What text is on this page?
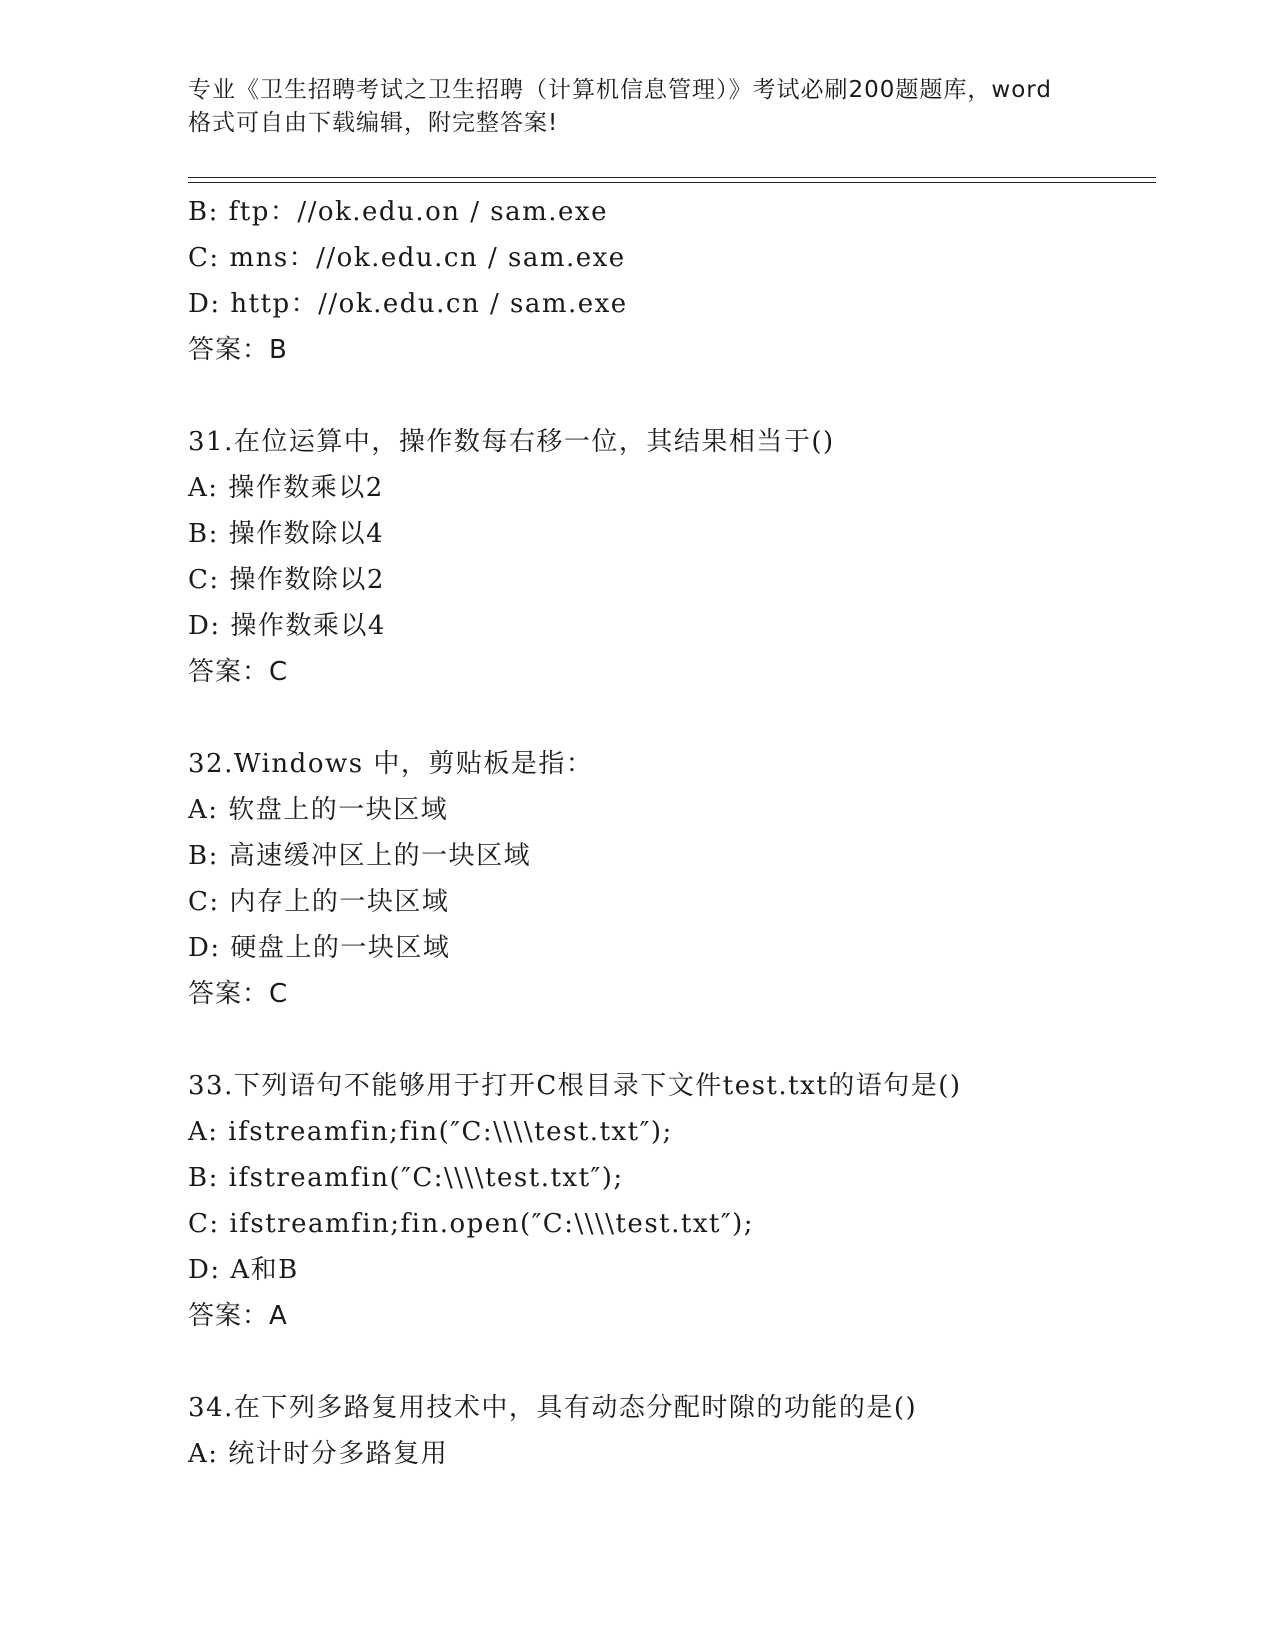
专业《卫生招聘考试之卫生招聘（计算机信息管理）》考试必刷200题题库，word

格式可自由下载编辑，附完整答案!

B: ftp：//ok.edu.on / sam.exe
C: mns：//ok.edu.cn / sam.exe
D: http：//ok.edu.cn / sam.exe
答案：B
31.在位运算中，操作数每右移一位，其结果相当于()
A: 操作数乘以2
B: 操作数除以4
C: 操作数除以2
D: 操作数乘以4
答案：C
32.Windows 中，剪贴板是指：
A: 软盘上的一块区域
B: 高速缓冲区上的一块区域
C: 内存上的一块区域
D: 硬盘上的一块区域
答案：C
33.下列语句不能够用于打开C根目录下文件test.txt的语句是()
A: ifstreamfin;fin(″C:\\\\test.txt″);
B: ifstreamfin(″C:\\\\test.txt″);
C: ifstreamfin;fin.open(″C:\\\\test.txt″);
D: A和B
答案：A
34.在下列多路复用技术中，具有动态分配时隙的功能的是()
A: 统计时分多路复用
